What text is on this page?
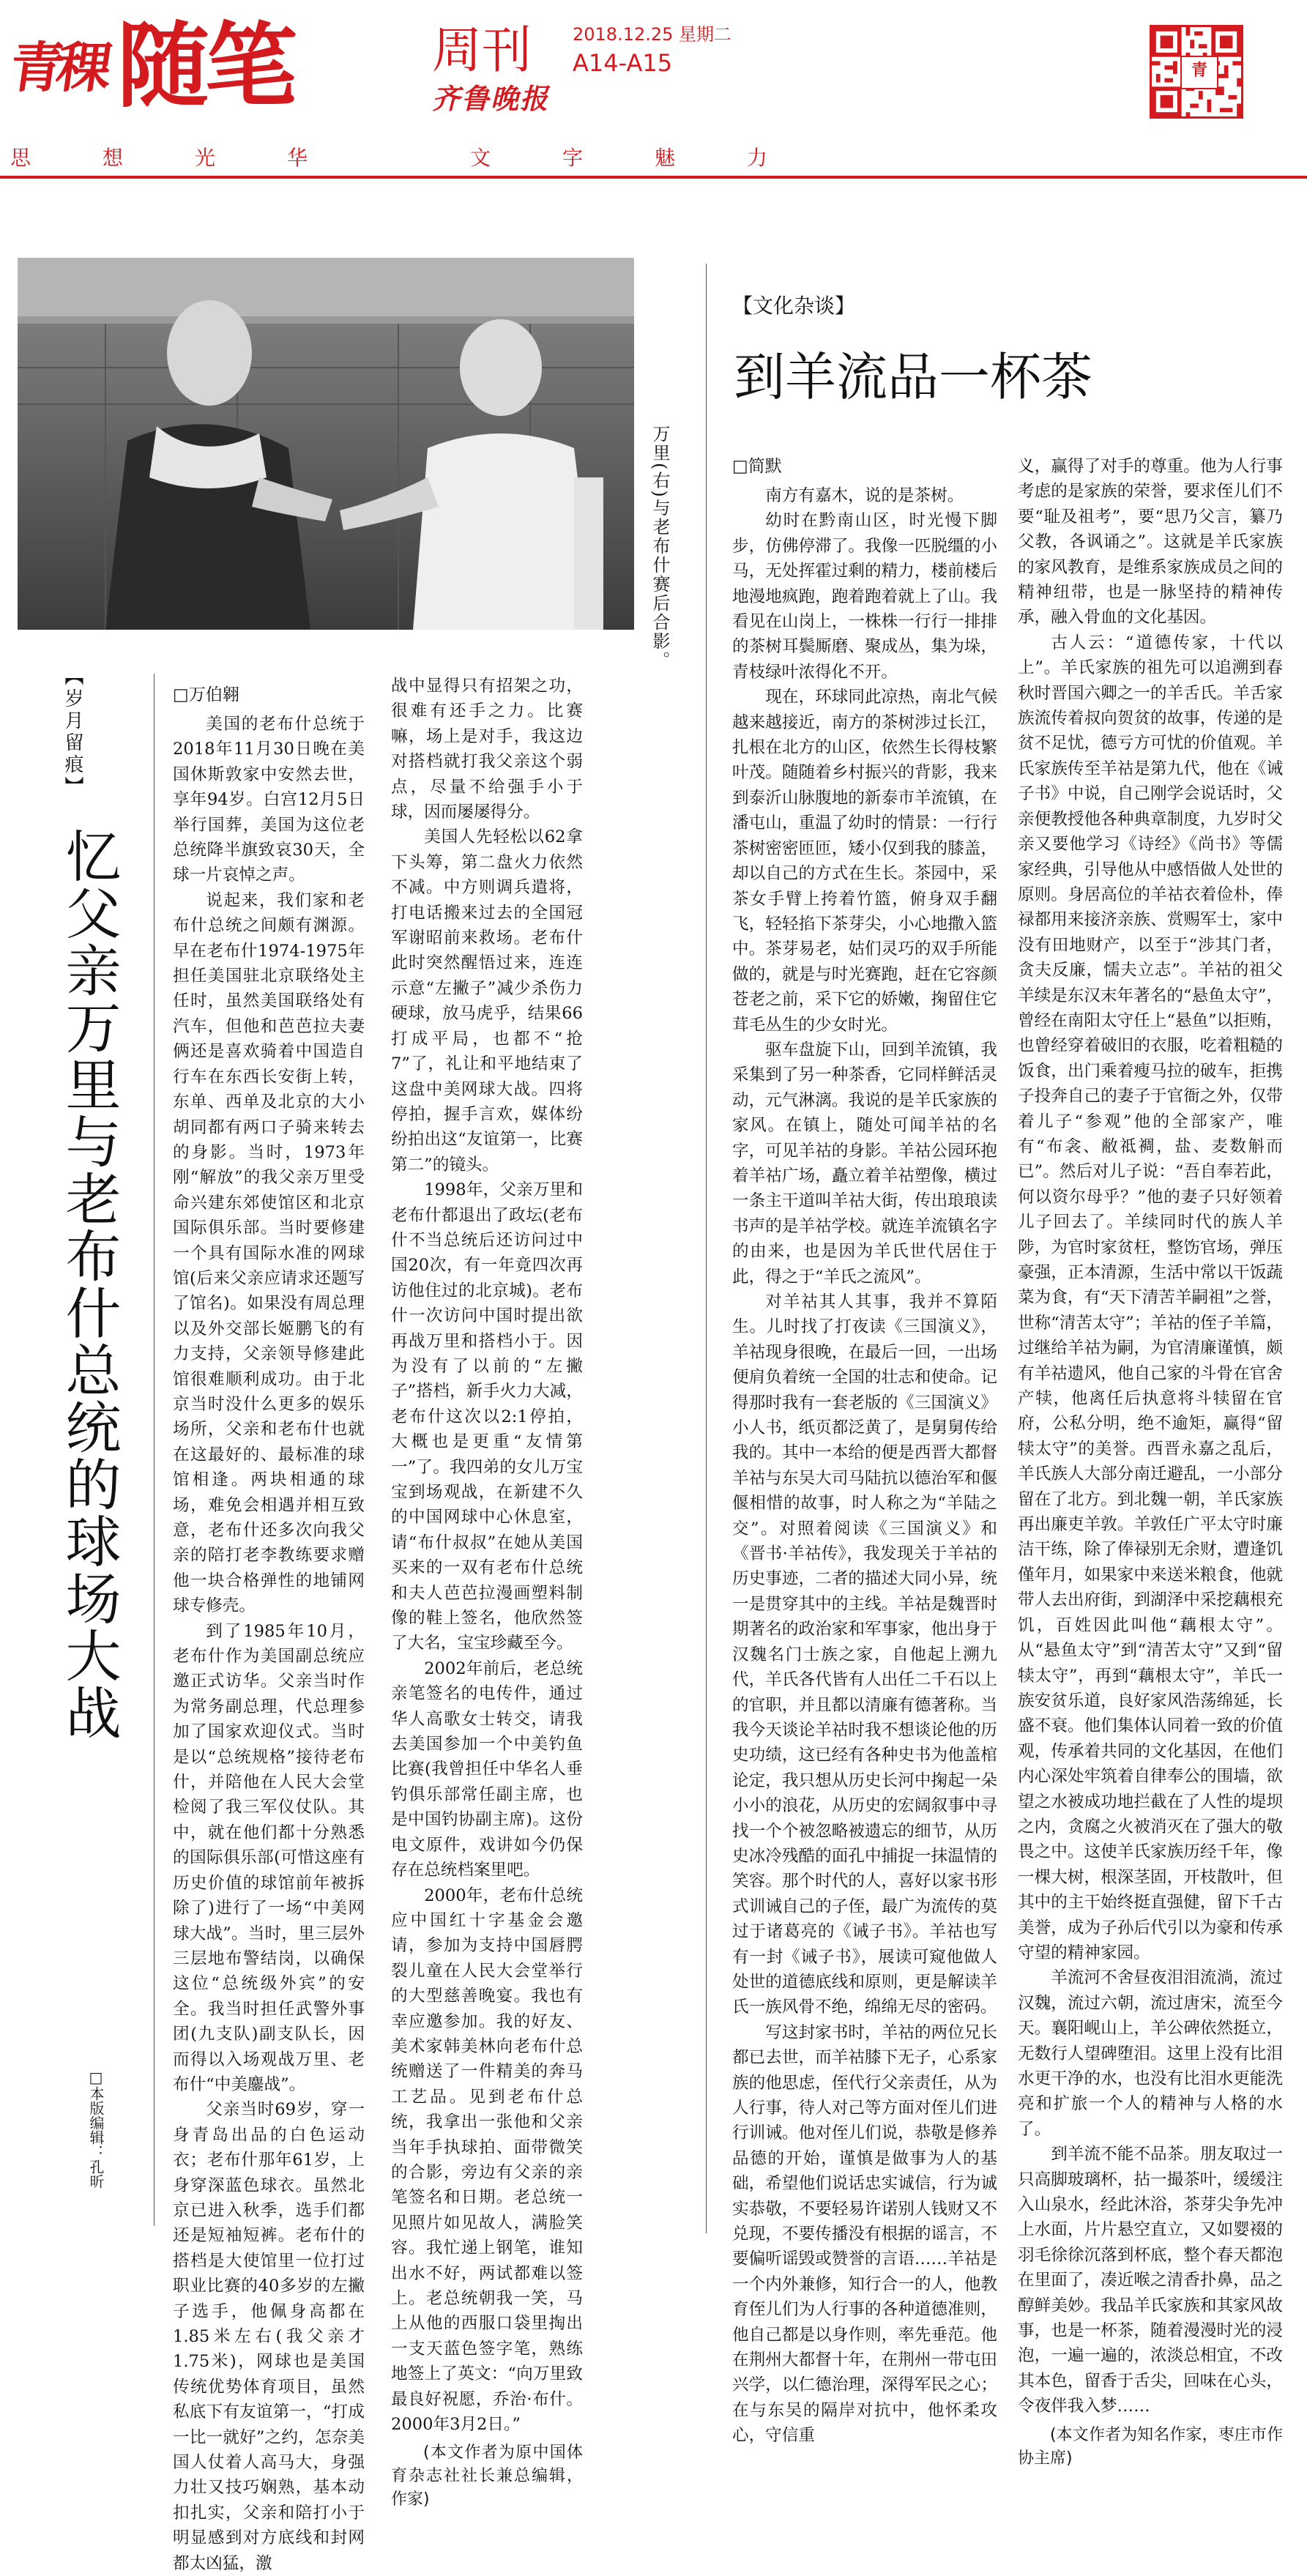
青稞 随笔	周刊
齐鲁晚报
2018.12.25 星期二
A14-A15	青
思	想	光	华	文	字	魅	力
万里(右)与老布什赛后合影。
【岁月留痕】
忆父亲万里与老布什总统的球场大战
□本版编辑：孔昕
□万伯翱

美国的老布什总统于2018年11月30日晚在美国休斯敦家中安然去世，享年94岁。白宫12月5日举行国葬，美国为这位老总统降半旗致哀30天，全球一片哀悼之声。

说起来，我们家和老布什总统之间颇有渊源。早在老布什1974-1975年担任美国驻北京联络处主任时，虽然美国联络处有汽车，但他和芭芭拉夫妻俩还是喜欢骑着中国造自行车在东西长安街上转，东单、西单及北京的大小胡同都有两口子骑来转去的身影。当时，1973年刚“解放”的我父亲万里受命兴建东郊使馆区和北京国际俱乐部。当时要修建一个具有国际水准的网球馆(后来父亲应请求还题写了馆名)。如果没有周总理以及外交部长姬鹏飞的有力支持，父亲领导修建此馆很难顺利成功。由于北京当时没什么更多的娱乐场所，父亲和老布什也就在这最好的、最标准的球馆相逢。两块相通的球场，难免会相遇并相互致意，老布什还多次向我父亲的陪打老李教练要求赠他一块合格弹性的地铺网球专修壳。

到了1985年10月，老布什作为美国副总统应邀正式访华。父亲当时作为常务副总理，代总理参加了国家欢迎仪式。当时是以“总统规格”接待老布什，并陪他在人民大会堂检阅了我三军仪仗队。其中，就在他们都十分熟悉的国际俱乐部(可惜这座有历史价值的球馆前年被拆除了)进行了一场“中美网球大战”。当时，里三层外三层地布警结岗，以确保这位“总统级外宾”的安全。我当时担任武警外事团(九支队)副支队长，因而得以入场观战万里、老布什“中美鏖战”。

父亲当时69岁，穿一身青岛出品的白色运动衣；老布什那年61岁，上身穿深蓝色球衣。虽然北京已进入秋季，选手们都还是短袖短裤。老布什的搭档是大使馆里一位打过职业比赛的40多岁的左撇子选手，他佩身高都在1.85米左右(我父亲才1.75米)，网球也是美国传统优势体育项目，虽然私底下有友谊第一，“打成一比一就好”之约，怎奈美国人仗着人高马大，身强力壮又技巧娴熟，基本动扣扎实，父亲和陪打小于明显感到对方底线和封网都太凶猛，激

战中显得只有招架之功，很难有还手之力。比赛嘛，场上是对手，我这边对搭档就打我父亲这个弱点，尽量不给强手小于球，因而屡屡得分。

美国人先轻松以62拿下头筹，第二盘火力依然不减。中方则调兵遣将，打电话搬来过去的全国冠军谢昭前来救场。老布什此时突然醒悟过来，连连示意“左撇子”减少杀伤力硬球，放马虎乎，结果66打成平局，也都不“抢7”了，礼让和平地结束了这盘中美网球大战。四将停拍，握手言欢，媒体纷纷拍出这“友谊第一，比赛第二”的镜头。

1998年，父亲万里和老布什都退出了政坛(老布什不当总统后还访问过中国20次，有一年竟四次再访他住过的北京城)。老布什一次访问中国时提出欲再战万里和搭档小于。因为没有了以前的“左撇子”搭档，新手火力大减，老布什这次以2:1停拍，大概也是更重“友情第一”了。我四弟的女儿万宝宝到场观战，在新建不久的中国网球中心休息室，请“布什叔叔”在她从美国买来的一双有老布什总统和夫人芭芭拉漫画塑料制像的鞋上签名，他欣然签了大名，宝宝珍藏至今。

2002年前后，老总统亲笔签名的电传件，通过华人高歌女士转交，请我去美国参加一个中美钓鱼比赛(我曾担任中华名人垂钓俱乐部常任副主席，也是中国钓协副主席)。这份电文原件，戏讲如今仍保存在总统档案里吧。

2000年，老布什总统应中国红十字基金会邀请，参加为支持中国唇腭裂儿童在人民大会堂举行的大型慈善晚宴。我也有幸应邀参加。我的好友、美术家韩美林向老布什总统赠送了一件精美的奔马工艺品。见到老布什总统，我拿出一张他和父亲当年手执球拍、面带微笑的合影，旁边有父亲的亲笔签名和日期。老总统一见照片如见故人，满脸笑容。我忙递上钢笔，谁知出水不好，两试都难以签上。老总统朝我一笑，马上从他的西服口袋里掏出一支天蓝色签字笔，熟练地签上了英文：“向万里致最良好祝愿，乔治·布什。2000年3月2日。”

(本文作者为原中国体育杂志社社长兼总编辑，作家)
【文化杂谈】
到羊流品一杯茶
□简默

南方有嘉木，说的是茶树。

幼时在黔南山区，时光慢下脚步，仿佛停滞了。我像一匹脱缰的小马，无处挥霍过剩的精力，楼前楼后地漫地疯跑，跑着跑着就上了山。我看见在山岗上，一株株一行行一排排的茶树耳鬓厮磨、聚成丛，集为垛，青枝绿叶浓得化不开。

现在，环球同此凉热，南北气候越来越接近，南方的茶树涉过长江，扎根在北方的山区，依然生长得枝繁叶茂。随随着乡村振兴的背影，我来到泰沂山脉腹地的新泰市羊流镇，在潘屯山，重温了幼时的情景：一行行茶树密密匝匝，矮小仅到我的膝盖，却以自己的方式在生长。茶园中，采茶女手臂上挎着竹篮，俯身双手翻飞，轻轻掐下茶芽尖，小心地撒入篮中。茶芽易老，姑们灵巧的双手所能做的，就是与时光赛跑，赶在它容颜苍老之前，采下它的娇嫩，掬留住它茸毛丛生的少女时光。

驱车盘旋下山，回到羊流镇，我采集到了另一种茶香，它同样鲜活灵动，元气淋漓。我说的是羊氏家族的家风。在镇上，随处可闻羊祜的名字，可见羊祜的身影。羊祜公园环抱着羊祜广场，矗立着羊祜塑像，横过一条主干道叫羊祜大街，传出琅琅读书声的是羊祜学校。就连羊流镇名字的由来，也是因为羊氏世代居住于此，得之于“羊氏之流风”。

对羊祜其人其事，我并不算陌生。儿时找了打夜读《三国演义》，羊祜现身很晚，在最后一回，一出场便肩负着统一全国的壮志和使命。记得那时我有一套老版的《三国演义》小人书，纸页都泛黄了，是舅舅传给我的。其中一本给的便是西晋大都督羊祜与东吴大司马陆抗以德治军和偃偃相惜的故事，时人称之为“羊陆之交”。对照着阅读《三国演义》和《晋书·羊祜传》，我发现关于羊祜的历史事迹，二者的描述大同小异，统一是贯穿其中的主线。羊祜是魏晋时期著名的政治家和军事家，他出身于汉魏名门士族之家，自他起上溯九代，羊氏各代皆有人出任二千石以上的官职，并且都以清廉有德著称。当我今天谈论羊祜时我不想谈论他的历史功绩，这已经有各种史书为他盖棺论定，我只想从历史长河中掬起一朵小小的浪花，从历史的宏阔叙事中寻找一个个被忽略被遗忘的细节，从历史冰冷残酷的面孔中捕捉一抹温情的笑容。那个时代的人，喜好以家书形式训诫自己的子侄，最广为流传的莫过于诸葛亮的《诫子书》。羊祜也写有一封《诫子书》，展读可窥他做人处世的道德底线和原则，更是解读羊氏一族风骨不绝，绵绵无尽的密码。

写这封家书时，羊祜的两位兄长都已去世，而羊祜膝下无子，心系家族的他思虑，侄代行父亲责任，从为人行事，待人对己等方面对侄儿们进行训诫。他对侄儿们说，恭敬是修养品德的开始，谨慎是做事为人的基础，希望他们说话忠实诚信，行为诚实恭敬，不要轻易许诺别人钱财又不兑现，不要传播没有根据的谣言，不要偏听谣毁或赞誉的言语……羊祜是一个内外兼修，知行合一的人，他教育侄儿们为人行事的各种道德准则，他自己都是以身作则，率先垂范。他在荆州大都督十年，在荆州一带屯田兴学，以仁德治理，深得军民之心；在与东吴的隔岸对抗中，他怀柔攻心，守信重

义，赢得了对手的尊重。他为人行事考虑的是家族的荣誉，要求侄儿们不要“耻及祖考”，要“思乃父言，纂乃父教，各讽诵之”。这就是羊氏家族的家风教育，是维系家族成员之间的精神纽带，也是一脉坚持的精神传承，融入骨血的文化基因。

古人云：“道德传家，十代以上”。羊氏家族的祖先可以追溯到春秋时晋国六卿之一的羊舌氏。羊舌家族流传着叔向贺贫的故事，传递的是贫不足忧，德亏方可忧的价值观。羊氏家族传至羊祜是第九代，他在《诫子书》中说，自己刚学会说话时，父亲便教授他各种典章制度，九岁时父亲又要他学习《诗经》《尚书》等儒家经典，引导他从中感悟做人处世的原则。身居高位的羊祜衣着俭朴，俸禄都用来接济亲族、赏赐军士，家中没有田地财产，以至于“涉其门者，贪夫反廉，懦夫立志”。羊祜的祖父羊续是东汉末年著名的“悬鱼太守”，曾经在南阳太守任上“悬鱼”以拒贿，也曾经穿着破旧的衣服，吃着粗糙的饭食，出门乘着瘦马拉的破车，拒携子投奔自己的妻子于官衙之外，仅带着儿子“参观”他的全部家产，唯有“布衾、敝祗裯，盐、麦数斛而已”。然后对儿子说：“吾自奉若此，何以资尔母乎？”他的妻子只好领着儿子回去了。羊续同时代的族人羊陟，为官时家贫枉，整饬官场，弹压豪强，正本清源，生活中常以干饭蔬菜为食，有“天下清苦羊嗣祖”之誉，世称“清苦太守”；羊祜的侄子羊篇，过继给羊祜为嗣，为官清廉谨慎，颇有羊祜遗风，他自己家的斗骨在官舍产犊，他离任后执意将斗犊留在官府，公私分明，绝不逾矩，赢得“留犊太守”的美誉。西晋永嘉之乱后，羊氏族人大部分南迁避乱，一小部分留在了北方。到北魏一朝，羊氏家族再出廉吏羊敦。羊敦任广平太守时廉洁干练，除了俸禄别无余财，遭逢饥僅年月，如果家中来送米粮食，他就带人去出府街，到湖泽中采挖藕根充饥，百姓因此叫他“藕根太守”。从“悬鱼太守”到“清苦太守”又到“留犊太守”，再到“藕根太守”，羊氏一族安贫乐道，良好家风浩荡绵延，长盛不衰。他们集体认同着一致的价值观，传承着共同的文化基因，在他们内心深处牢筑着自律奉公的围墙，欲望之水被成功地拦截在了人性的堤坝之内，贪腐之火被消灭在了强大的敬畏之中。这使羊氏家族历经千年，像一棵大树，根深茎固，开枝散叶，但其中的主干始终挺直强健，留下千古美誉，成为子孙后代引以为豪和传承守望的精神家园。

羊流河不舍昼夜泪泪流淌，流过汉魏，流过六朝，流过唐宋，流至今天。襄阳岘山上，羊公碑依然挺立，无数行人望碑堕泪。这里上没有比泪水更干净的水，也没有比泪水更能洗亮和扩旅一个人的精神与人格的水了。

到羊流不能不品茶。朋友取过一只高脚玻璃杯，拈一撮茶叶，缓缓注入山泉水，经此沐浴，茶芽尖争先冲上水面，片片悬空直立，又如婴裰的羽毛徐徐沉落到杯底，整个春天都泡在里面了，凑近喉之清香扑鼻，品之醇鲜美妙。我品羊氏家族和其家风故事，也是一杯茶，随着漫漫时光的浸泡，一遍一遍的，浓淡总相宜，不改其本色，留香于舌尖，回味在心头，令夜伴我入梦……

(本文作者为知名作家，枣庄市作协主席)
